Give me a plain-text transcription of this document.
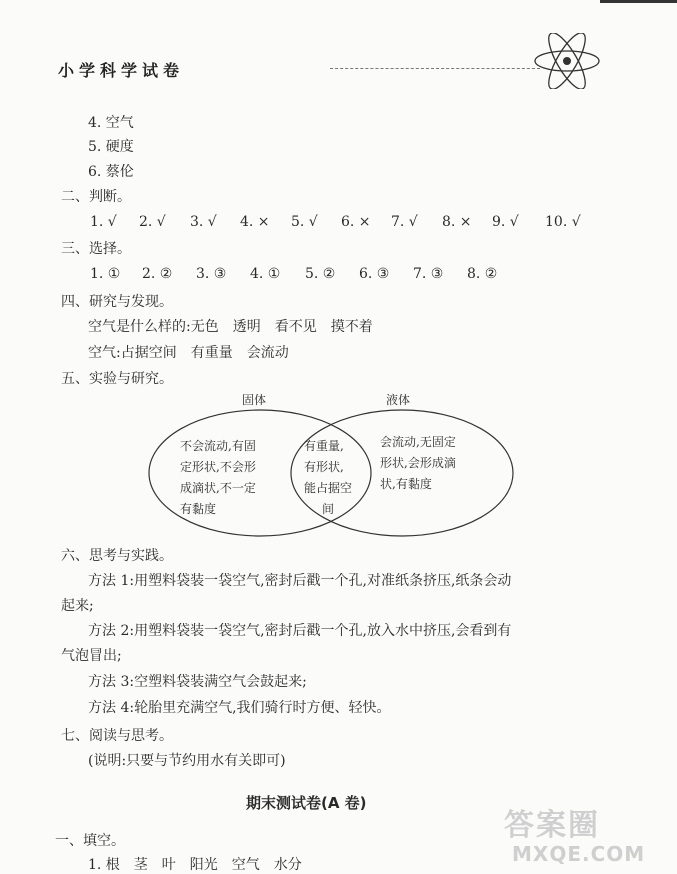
小学科学试卷
4. 空气
5. 硬度
6. 蔡伦
二、判断。
1. √ 2. √ 3. √ 4. × 5. √ 6. × 7. √ 8. × 9. √ 10. √
三、选择。
1. ① 2. ② 3. ③ 4. ① 5. ② 6. ③ 7. ③ 8. ②
四、研究与发现。
空气是什么样的:无色　透明　看不见　摸不着
空气:占据空间　有重量　会流动
五、实验与研究。
固体	液体
不会流动,有固
定形状,不会形
成滴状,不一定
有黏度
有重量,
有形状,
能占据空
间
会流动,无固定
形状,会形成滴
状,有黏度
六、思考与实践。
方法 1:用塑料袋装一袋空气,密封后戳一个孔,对准纸条挤压,纸条会动
起来;
方法 2:用塑料袋装一袋空气,密封后戳一个孔,放入水中挤压,会看到有
气泡冒出;
方法 3:空塑料袋装满空气会鼓起来;
方法 4:轮胎里充满空气,我们骑行时方便、轻快。
七、阅读与思考。
(说明:只要与节约用水有关即可)
期末测试卷(A 卷)
一、填空。
1. 根　茎　叶　阳光　空气　水分
答案圈
MXQE.COM
